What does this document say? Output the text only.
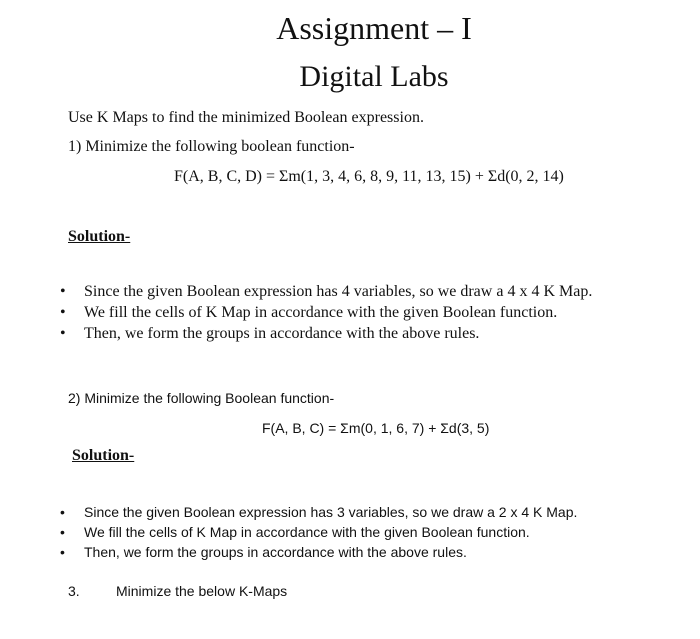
Assignment – I
Digital Labs
Use K Maps to find the minimized Boolean expression.
1) Minimize the following boolean function-
F(A, B, C, D) = Σm(1, 3, 4, 6, 8, 9, 11, 13, 15) + Σd(0, 2, 14)
Solution-
• Since the given Boolean expression has 4 variables, so we draw a 4 x 4 K Map.
• We fill the cells of K Map in accordance with the given Boolean function.
• Then, we form the groups in accordance with the above rules.
2) Minimize the following Boolean function-
F(A, B, C) = Σm(0, 1, 6, 7) + Σd(3, 5)
Solution-
• Since the given Boolean expression has 3 variables, so we draw a 2 x 4 K Map.
• We fill the cells of K Map in accordance with the given Boolean function.
• Then, we form the groups in accordance with the above rules.
3.	Minimize the below K-Maps
